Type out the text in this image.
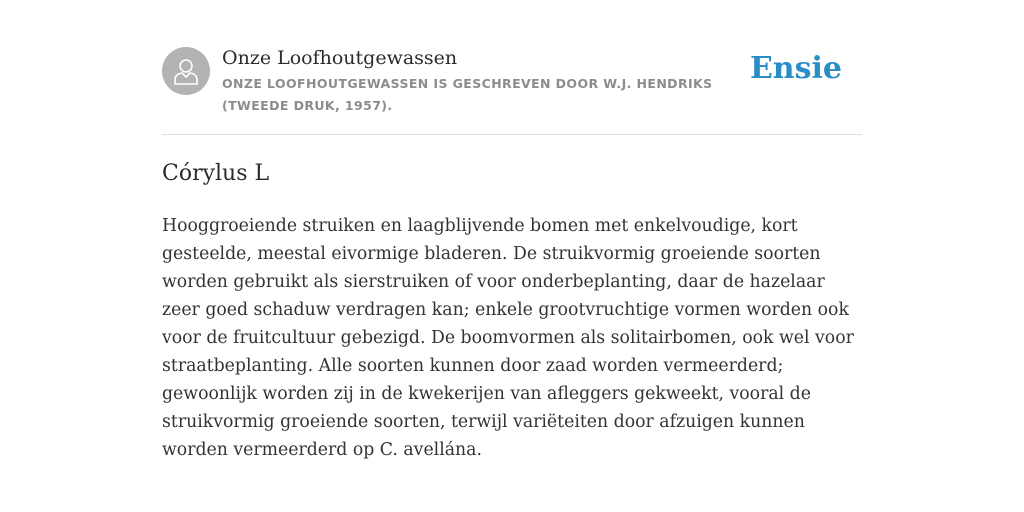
Onze Loofhoutgewassen
ONZE LOOFHOUTGEWASSEN IS GESCHREVEN DOOR W.J. HENDRIKS (TWEEDE DRUK, 1957).
Ensie
Córylus L

Hooggroeiende struiken en laagblijvende bomen met enkelvoudige, kort gesteelde, meestal eivormige bladeren. De struikvormig groeiende soorten worden gebruikt als sierstruiken of voor onderbeplanting, daar de hazelaar zeer goed schaduw verdragen kan; enkele grootvruchtige vormen worden ook voor de fruitcultuur gebezigd. De boomvormen als solitairbomen, ook wel voor straatbeplanting. Alle soorten kunnen door zaad worden vermeerderd; gewoonlijk worden zij in de kwekerijen van afleggers gekweekt, vooral de struikvormig groeiende soorten, terwijl variëteiten door afzuigen kunnen worden vermeerderd op C. avellána.
